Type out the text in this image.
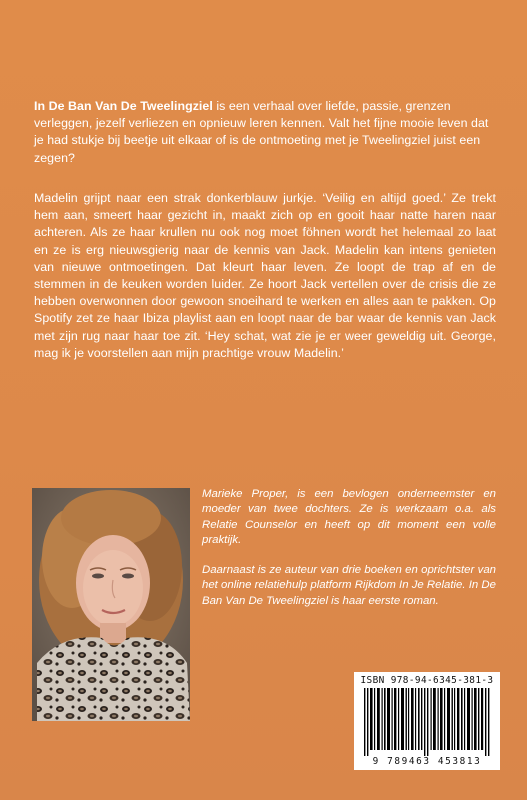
In De Ban Van De Tweelingziel is een verhaal over liefde, passie, grenzen verleggen, jezelf verliezen en opnieuw leren kennen. Valt het fijne mooie leven dat je had stukje bij beetje uit elkaar of is de ontmoeting met je Tweelingziel juist een zegen?
Madelin grijpt naar een strak donkerblauw jurkje. ‘Veilig en altijd goed.’ Ze trekt hem aan, smeert haar gezicht in, maakt zich op en gooit haar natte haren naar achteren. Als ze haar krullen nu ook nog moet föhnen wordt het helemaal zo laat en ze is erg nieuwsgierig naar de kennis van Jack. Madelin kan intens genieten van nieuwe ontmoetingen. Dat kleurt haar leven. Ze loopt de trap af en de stemmen in de keuken worden luider. Ze hoort Jack vertellen over de crisis die ze hebben overwonnen door gewoon snoeihard te werken en alles aan te pakken. Op Spotify zet ze haar Ibiza playlist aan en loopt naar de bar waar de kennis van Jack met zijn rug naar haar toe zit. ‘Hey schat, wat zie je er weer geweldig uit. George, mag ik je voorstellen aan mijn prachtige vrouw Madelin.’
Marieke Proper, is een bevlogen onderneemster en moeder van twee dochters. Ze is werkzaam o.a. als Relatie Counselor en heeft op dit moment een volle praktijk.
Daarnaast is ze auteur van drie boeken en oprichtster van het online relatiehulp platform Rijkdom In Je Relatie. In De Ban Van De Tweelingziel is haar eerste roman.
ISBN 978-94-6345-381-3
9 789463 453813
